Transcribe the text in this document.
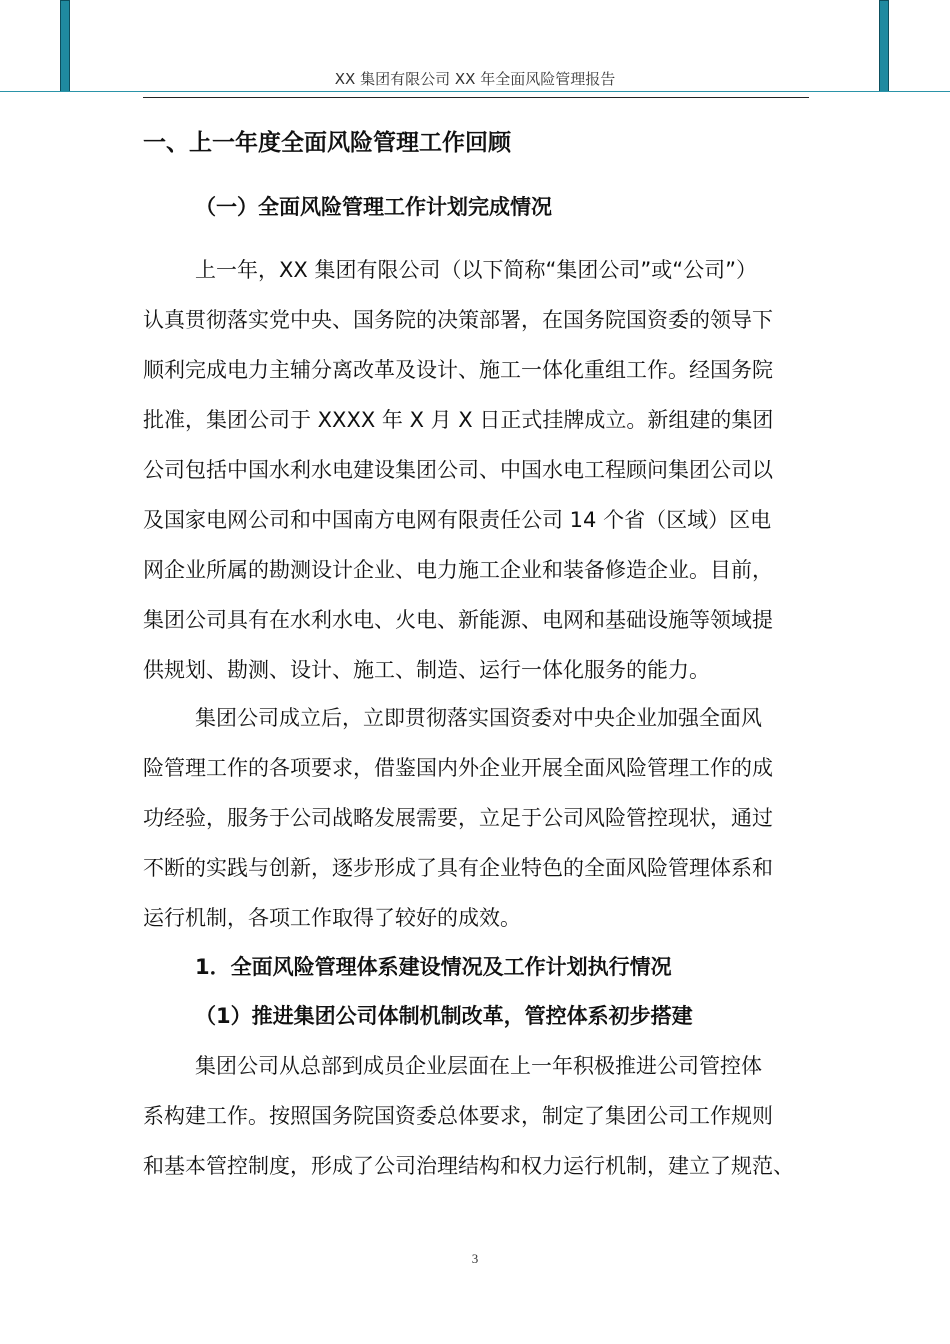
XX 集团有限公司 XX 年全面风险管理报告
一、上一年度全面风险管理工作回顾
（一）全面风险管理工作计划完成情况
上一年，XX 集团有限公司（以下简称“集团公司”或“公司”）
认真贯彻落实党中央、国务院的决策部署，在国务院国资委的领导下
顺利完成电力主辅分离改革及设计、施工一体化重组工作。经国务院
批准，集团公司于 XXXX 年 X 月 X 日正式挂牌成立。新组建的集团
公司包括中国水利水电建设集团公司、中国水电工程顾问集团公司以
及国家电网公司和中国南方电网有限责任公司 14 个省（区域）区电
网企业所属的勘测设计企业、电力施工企业和装备修造企业。目前，
集团公司具有在水利水电、火电、新能源、电网和基础设施等领域提
供规划、勘测、设计、施工、制造、运行一体化服务的能力。
集团公司成立后，立即贯彻落实国资委对中央企业加强全面风
险管理工作的各项要求，借鉴国内外企业开展全面风险管理工作的成
功经验，服务于公司战略发展需要，立足于公司风险管控现状，通过
不断的实践与创新，逐步形成了具有企业特色的全面风险管理体系和
运行机制，各项工作取得了较好的成效。
1．全面风险管理体系建设情况及工作计划执行情况
（1）推进集团公司体制机制改革，管控体系初步搭建
集团公司从总部到成员企业层面在上一年积极推进公司管控体
系构建工作。按照国务院国资委总体要求，制定了集团公司工作规则
和基本管控制度，形成了公司治理结构和权力运行机制，建立了规范、
3
